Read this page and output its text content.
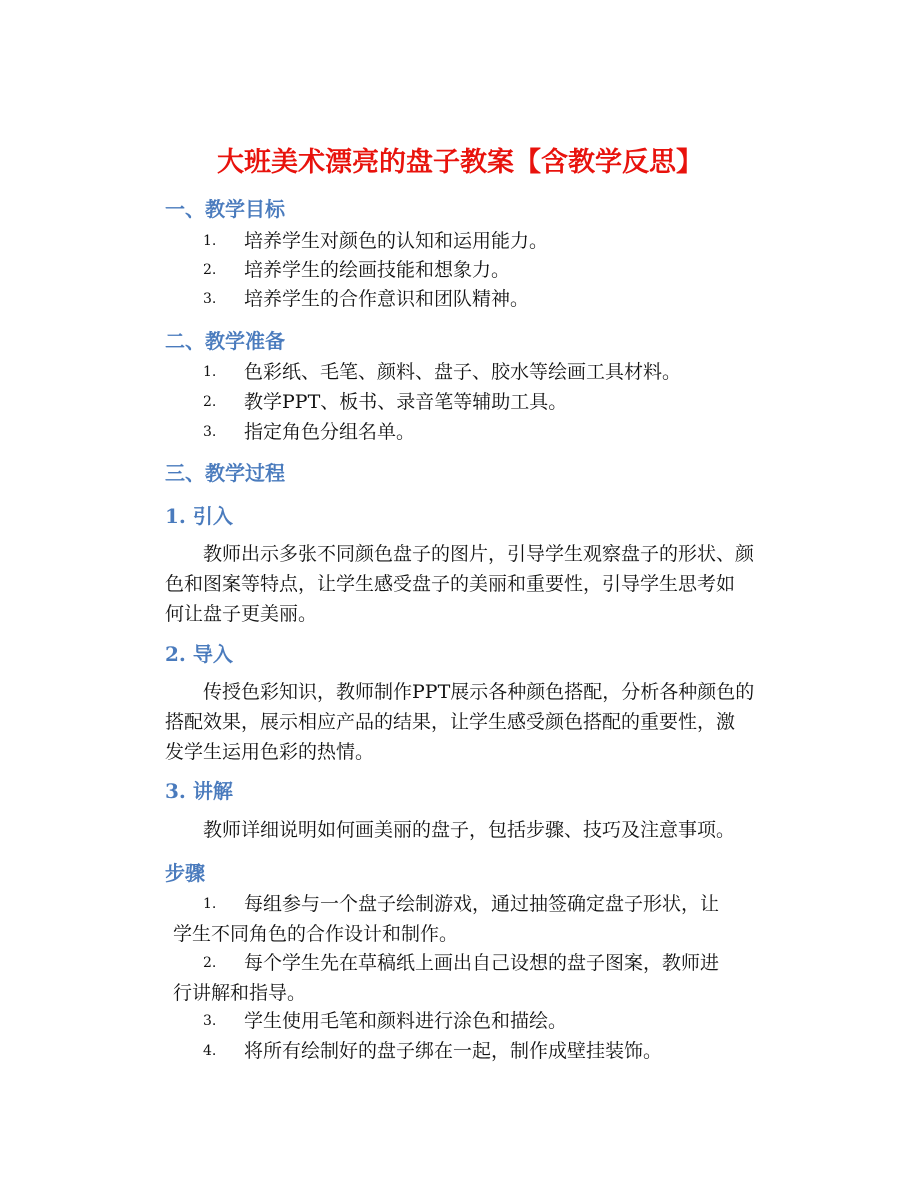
大班美术漂亮的盘子教案【含教学反思】
一、教学目标
1. 培养学生对颜色的认知和运用能力。
2. 培养学生的绘画技能和想象力。
3. 培养学生的合作意识和团队精神。
二、教学准备
1. 色彩纸、毛笔、颜料、盘子、胶水等绘画工具材料。
2. 教学PPT、板书、录音笔等辅助工具。
3. 指定角色分组名单。
三、教学过程
1. 引入
　　教师出示多张不同颜色盘子的图片，引导学生观察盘子的形状、颜
色和图案等特点，让学生感受盘子的美丽和重要性，引导学生思考如
何让盘子更美丽。
2. 导入
　　传授色彩知识，教师制作PPT展示各种颜色搭配，分析各种颜色的
搭配效果，展示相应产品的结果，让学生感受颜色搭配的重要性，激
发学生运用色彩的热情。
3. 讲解
　　教师详细说明如何画美丽的盘子，包括步骤、技巧及注意事项。
步骤
1. 每组参与一个盘子绘制游戏，通过抽签确定盘子形状，让
学生不同角色的合作设计和制作。
2. 每个学生先在草稿纸上画出自己设想的盘子图案，教师进
行讲解和指导。
3. 学生使用毛笔和颜料进行涂色和描绘。
4. 将所有绘制好的盘子绑在一起，制作成壁挂装饰。
